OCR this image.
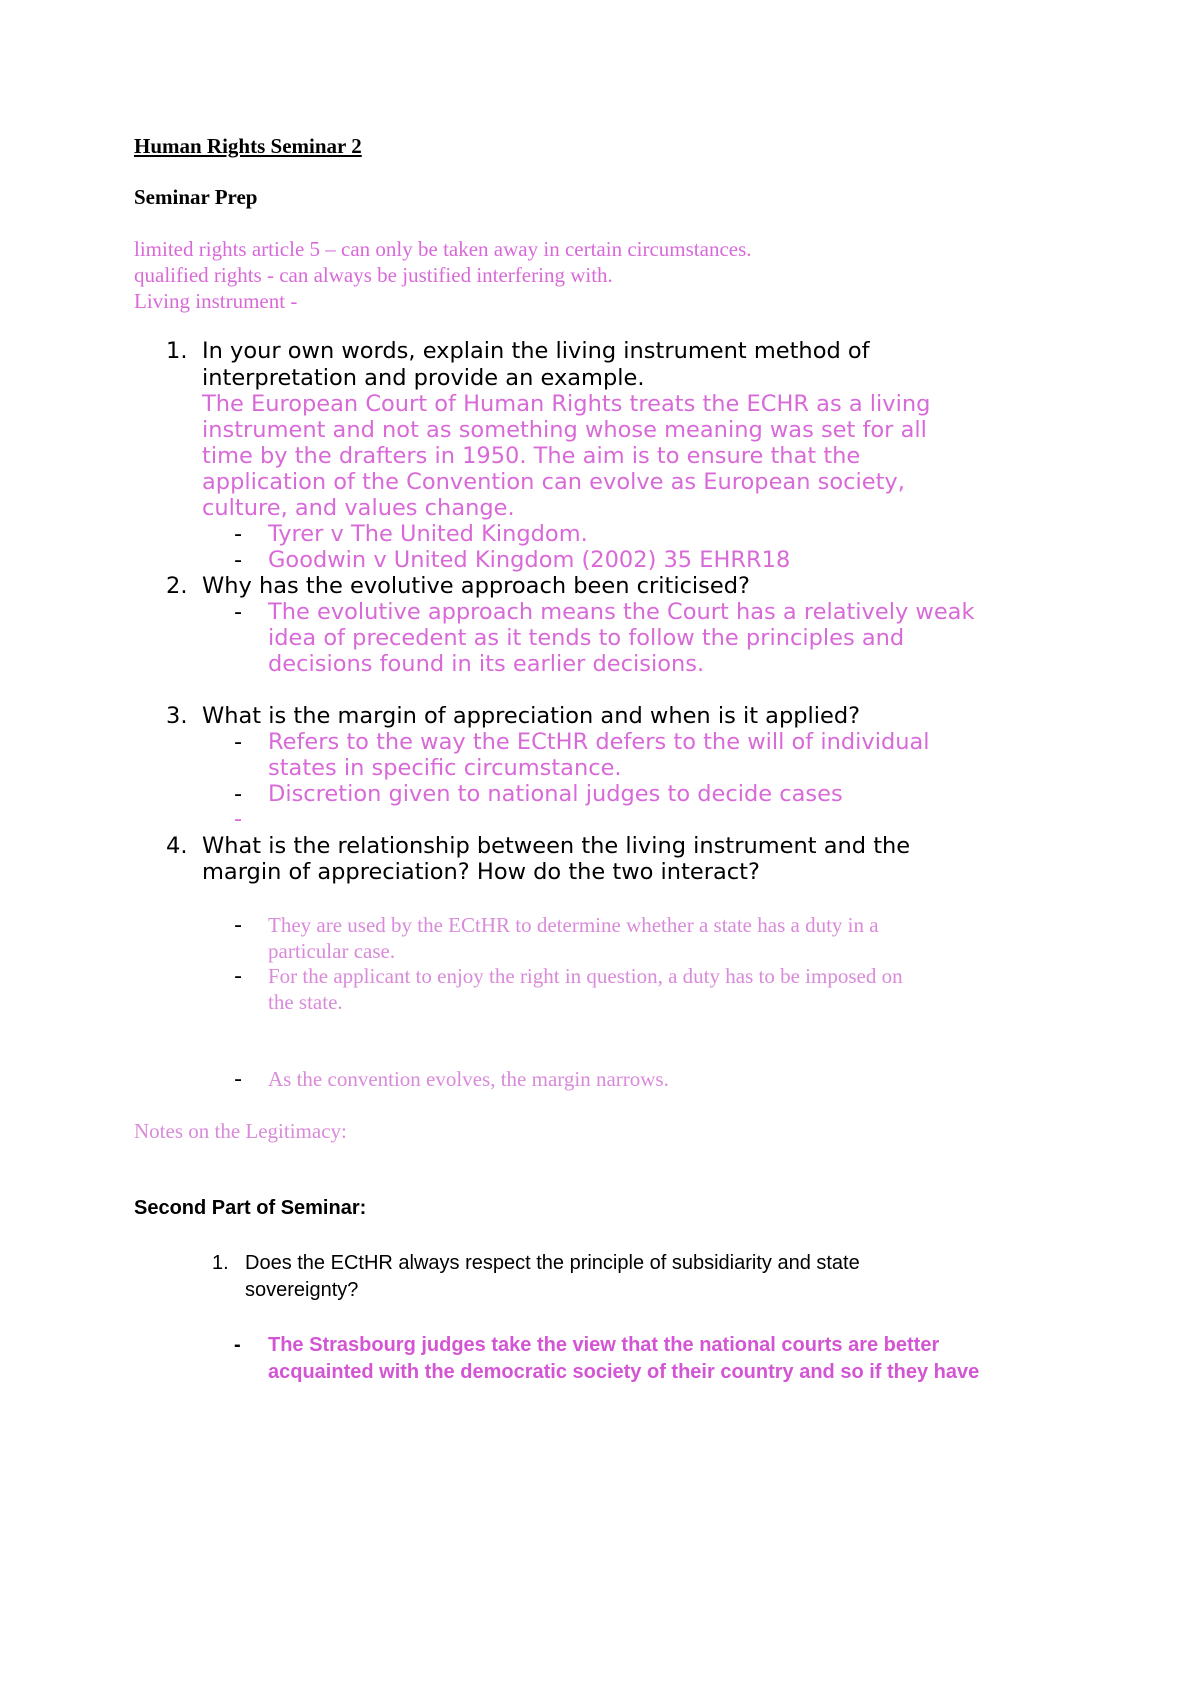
Human Rights Seminar 2
Seminar Prep
limited rights article 5 – can only be taken away in certain circumstances.
qualified rights - can always be justified interfering with.
Living instrument -
1. In your own words, explain the living instrument method of
interpretation and provide an example.
The European Court of Human Rights treats the ECHR as a living
instrument and not as something whose meaning was set for all
time by the drafters in 1950. The aim is to ensure that the
application of the Convention can evolve as European society,
culture, and values change.
- Tyrer v The United Kingdom.
- Goodwin v United Kingdom (2002) 35 EHRR18
2. Why has the evolutive approach been criticised?
- The evolutive approach means the Court has a relatively weak
idea of precedent as it tends to follow the principles and
decisions found in its earlier decisions.
3. What is the margin of appreciation and when is it applied?
- Refers to the way the ECtHR defers to the will of individual
states in specific circumstance.
- Discretion given to national judges to decide cases
-
4. What is the relationship between the living instrument and the
margin of appreciation? How do the two interact?
- They are used by the ECtHR to determine whether a state has a duty in a
particular case.
- For the applicant to enjoy the right in question, a duty has to be imposed on
the state.
- As the convention evolves, the margin narrows.
Notes on the Legitimacy:
Second Part of Seminar:
1. Does the ECtHR always respect the principle of subsidiarity and state
sovereignty?
- The Strasbourg judges take the view that the national courts are better
acquainted with the democratic society of their country and so if they have
